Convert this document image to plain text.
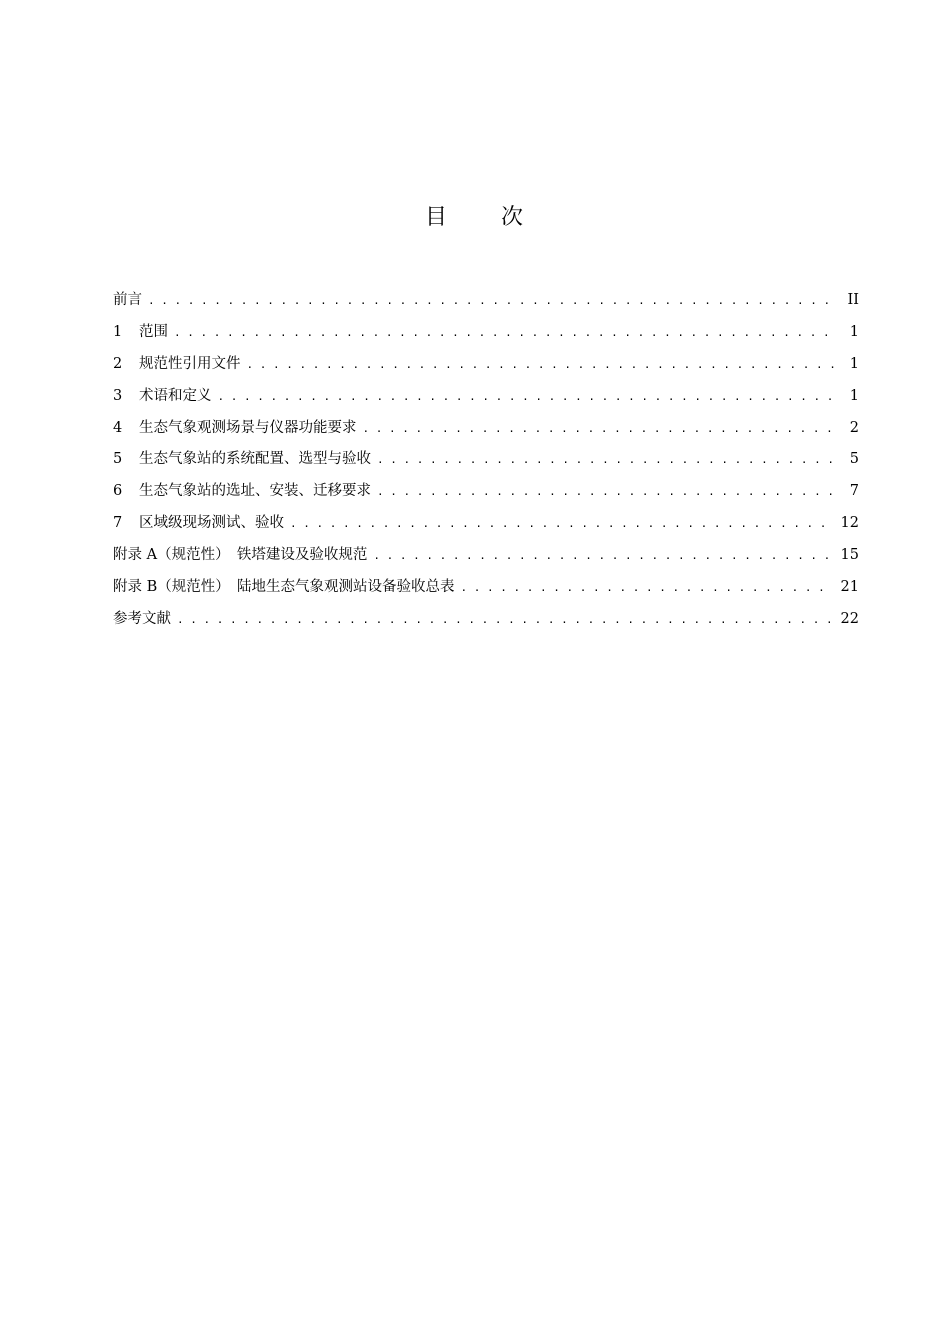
目 次
前言 . . .	II
1	范围 . . .	1
2	规范性引用文件 . . .	1
3	术语和定义 . . .	1
4	生态气象观测场景与仪器功能要求 . . .	2
5	生态气象站的系统配置、选型与验收 . . .	5
6	生态气象站的选址、安装、迁移要求 . . .	7
7	区域级现场测试、验收 . . .	12
附录 A（规范性）　铁塔建设及验收规范 . . .	15
附录 B（规范性）　陆地生态气象观测站设备验收总表 . . .	21
参考文献 . . .	22
